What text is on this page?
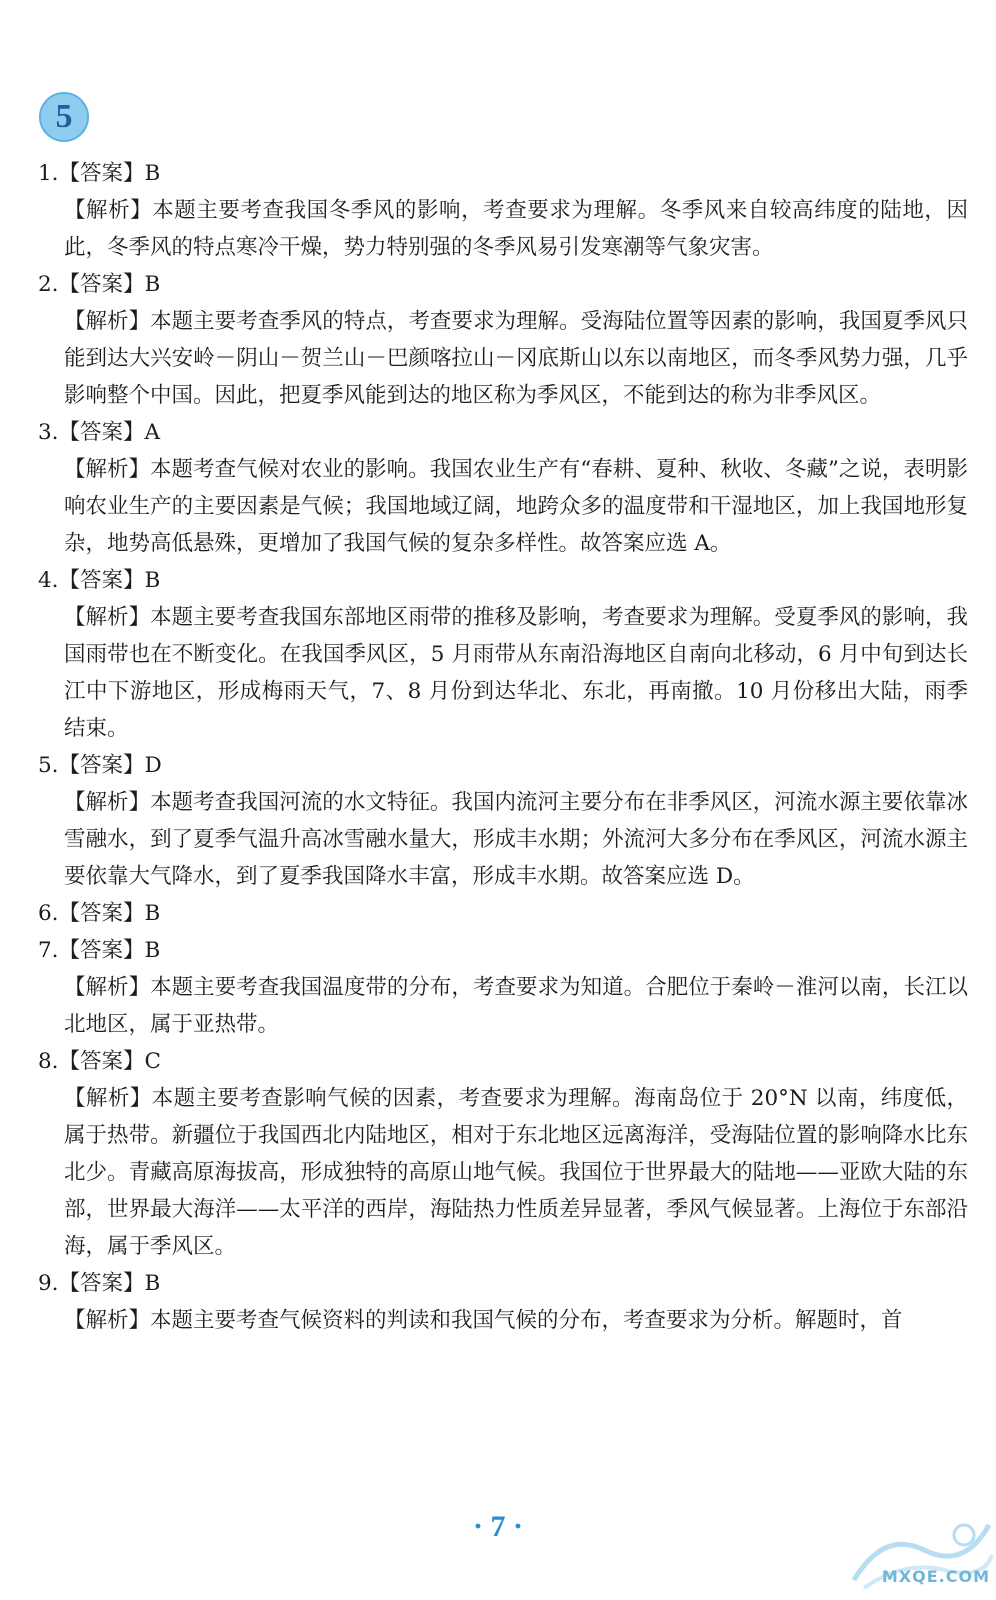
5

1.【答案】B

【解析】本题主要考查我国冬季风的影响，考查要求为理解。冬季风来自较高纬度的陆地，因此，冬季风的特点寒冷干燥，势力特别强的冬季风易引发寒潮等气象灾害。

2.【答案】B

【解析】本题主要考查季风的特点，考查要求为理解。受海陆位置等因素的影响，我国夏季风只能到达大兴安岭－阴山－贺兰山－巴颜喀拉山－冈底斯山以东以南地区，而冬季风势力强，几乎影响整个中国。因此，把夏季风能到达的地区称为季风区，不能到达的称为非季风区。

3.【答案】A

【解析】本题考查气候对农业的影响。我国农业生产有“春耕、夏种、秋收、冬藏”之说，表明影响农业生产的主要因素是气候；我国地域辽阔，地跨众多的温度带和干湿地区，加上我国地形复杂，地势高低悬殊，更增加了我国气候的复杂多样性。故答案应选 A。

4.【答案】B

【解析】本题主要考查我国东部地区雨带的推移及影响，考查要求为理解。受夏季风的影响，我国雨带也在不断变化。在我国季风区，5 月雨带从东南沿海地区自南向北移动，6 月中旬到达长江中下游地区，形成梅雨天气，7、8 月份到达华北、东北，再南撤。10 月份移出大陆，雨季结束。

5.【答案】D

【解析】本题考查我国河流的水文特征。我国内流河主要分布在非季风区，河流水源主要依靠冰雪融水，到了夏季气温升高冰雪融水量大，形成丰水期；外流河大多分布在季风区，河流水源主要依靠大气降水，到了夏季我国降水丰富，形成丰水期。故答案应选 D。

6.【答案】B

7.【答案】B

【解析】本题主要考查我国温度带的分布，考查要求为知道。合肥位于秦岭－淮河以南，长江以北地区，属于亚热带。

8.【答案】C

【解析】本题主要考查影响气候的因素，考查要求为理解。海南岛位于 20°N 以南，纬度低，属于热带。新疆位于我国西北内陆地区，相对于东北地区远离海洋，受海陆位置的影响降水比东北少。青藏高原海拔高，形成独特的高原山地气候。我国位于世界最大的陆地——亚欧大陆的东部，世界最大海洋——太平洋的西岸，海陆热力性质差异显著，季风气候显著。上海位于东部沿海，属于季风区。

9.【答案】B

【解析】本题主要考查气候资料的判读和我国气候的分布，考查要求为分析。解题时，首

· 7 ·
MXQE.COM
